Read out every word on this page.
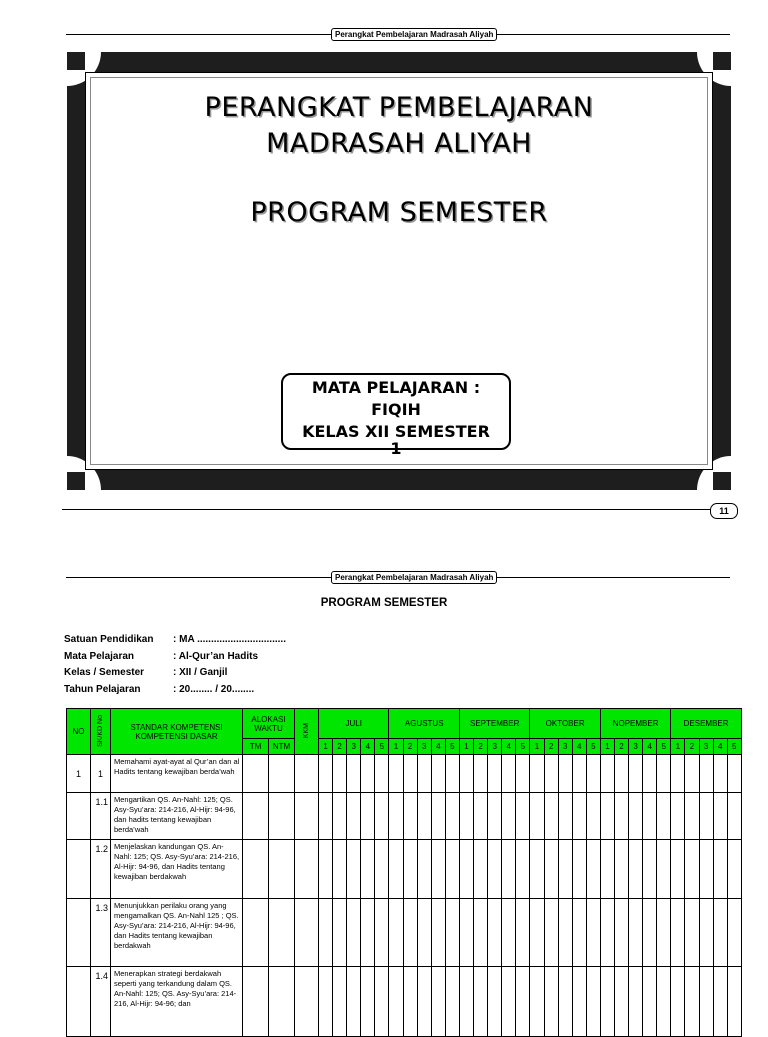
Perangkat Pembelajaran Madrasah Aliyah
PERANGKAT PEMBELAJARAN
MADRASAH ALIYAH
PROGRAM SEMESTER
MATA PELAJARAN :
FIQIH
KELAS XII SEMESTER
1
11
Perangkat Pembelajaran Madrasah Aliyah
PROGRAM SEMESTER
Satuan Pendidikan : MA ................................
Mata Pelajaran	: Al-Qur’an Hadits
Kelas / Semester	: XII / Ganjil
Tahun Pelajaran	: 20........ / 20........
NO	SK/KD No	STANDAR KOMPETENSI KOMPETENSI DASAR	ALOKASI WAKTU		KKM	JULI					AGUSTUS					SEPTEMBER					OKTOBER					NOPEMBER					DESEMBER				
			TM	NTM		1	2	3	4	5	1	2	3	4	5	1	2	3	4	5	1	2	3	4	5	1	2	3	4	5	1	2	3	4	5
1	1	Memahami ayat-ayat al Qur’an dan al Hadits tentang kewajiban berda’wah																																	
	1.1	Mengartikan QS. An-Nahl: 125; QS. Asy-Syu’ara: 214-216, Al-Hijr: 94-96, dan hadits tentang kewajiban berda’wah																																	
	1.2	Menjelaskan kandungan QS. An-Nahl: 125; QS. Asy-Syu’ara: 214-216, Al-Hijr: 94-96, dan Hadits tentang kewajiban berdakwah																																	
	1.3	Menunjukkan perilaku orang yang mengamalkan QS. An-Nahl 125 ; QS. Asy-Syu’ara: 214-216, Al-Hijr: 94-96, dan Hadits tentang kewajiban berdakwah																																	
	1.4	Menerapkan strategi berdakwah seperti yang terkandung dalam QS. An-Nahl: 125; QS. Asy-Syu’ara: 214-216, Al-Hijr: 94-96; dan																																	
